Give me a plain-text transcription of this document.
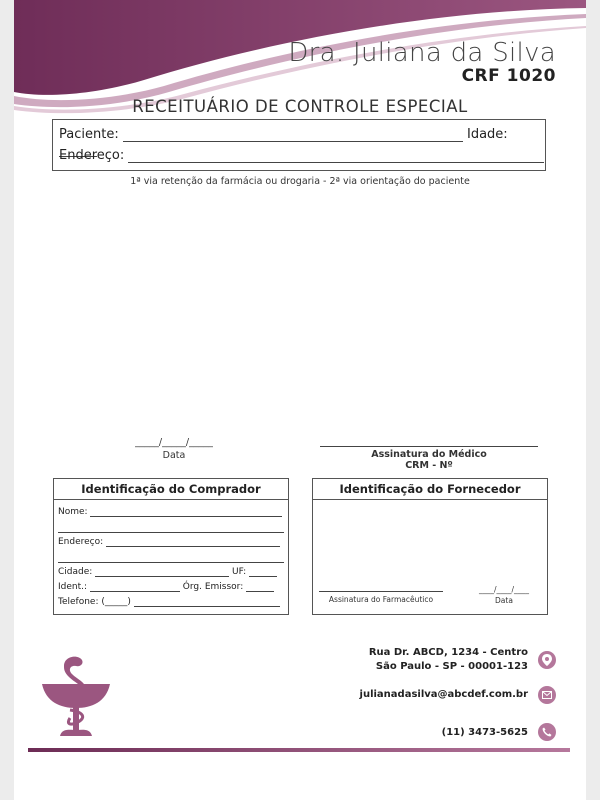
Dra. Juliana da Silva
CRF 1020
RECEITUÁRIO DE CONTROLE ESPECIAL
Paciente:	Idade:
Endereço:
1ª via retenção da farmácia ou drogaria - 2ª via orientação do paciente
_____/_____/_____
Data	Assinatura do Médico
CRM - Nº
Identificação do Comprador
Nome:
Endereço:
Cidade:	UF:
Ident.:	Órg. Emissor:
Telefone: (_____)
Identificação do Fornecedor
Assinatura do Farmacêutico
____/____/____
Data
Rua Dr. ABCD, 1234 - Centro
São Paulo - SP - 00001-123
julianadasilva@abcdef.com.br
(11) 3473-5625
